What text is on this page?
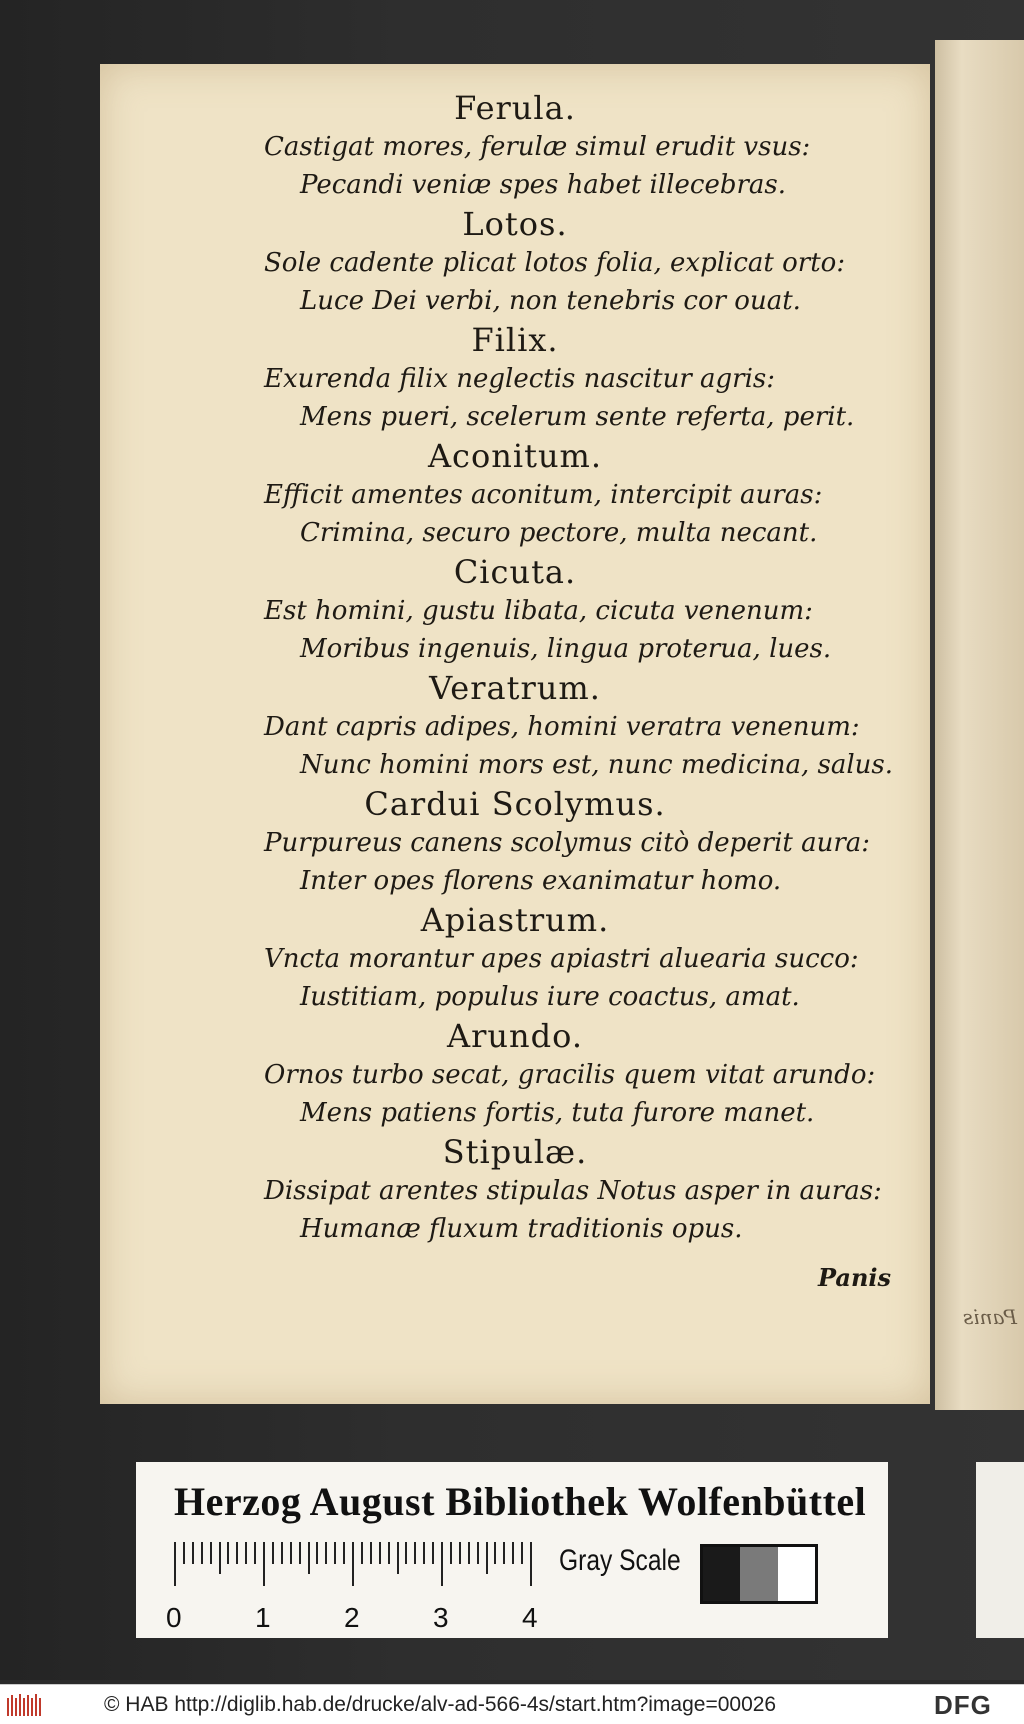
Panis
Ferula.
Castigat mores, ferulæ simul erudit vsus:
Pecandi veniæ spes habet illecebras.
Lotos.
Sole cadente plicat lotos folia, explicat orto:
Luce Dei verbi, non tenebris cor ouat.
Filix.
Exurenda filix neglectis nascitur agris:
Mens pueri, scelerum sente referta, perit.
Aconitum.
Efficit amentes aconitum, intercipit auras:
Crimina, securo pectore, multa necant.
Cicuta.
Est homini, gustu libata, cicuta venenum:
Moribus ingenuis, lingua proterua, lues.
Veratrum.
Dant capris adipes, homini veratra venenum:
Nunc homini mors est, nunc medicina, salus.
Cardui Scolymus.
Purpureus canens scolymus citò deperit aura:
Inter opes florens exanimatur homo.
Apiastrum.
Vncta morantur apes apiastri aluearia succo:
Iustitiam, populus iure coactus, amat.
Arundo.
Ornos turbo secat, gracilis quem vitat arundo:
Mens patiens fortis, tuta furore manet.
Stipulæ.
Dissipat arentes stipulas Notus asper in auras:
Humanæ fluxum traditionis opus.
Panis
Herzog August Bibliothek Wolfenbüttel
0	1	2	3	4
Gray Scale
© HAB http://diglib.hab.de/drucke/alv-ad-566-4s/start.htm?image=00026	DFG
